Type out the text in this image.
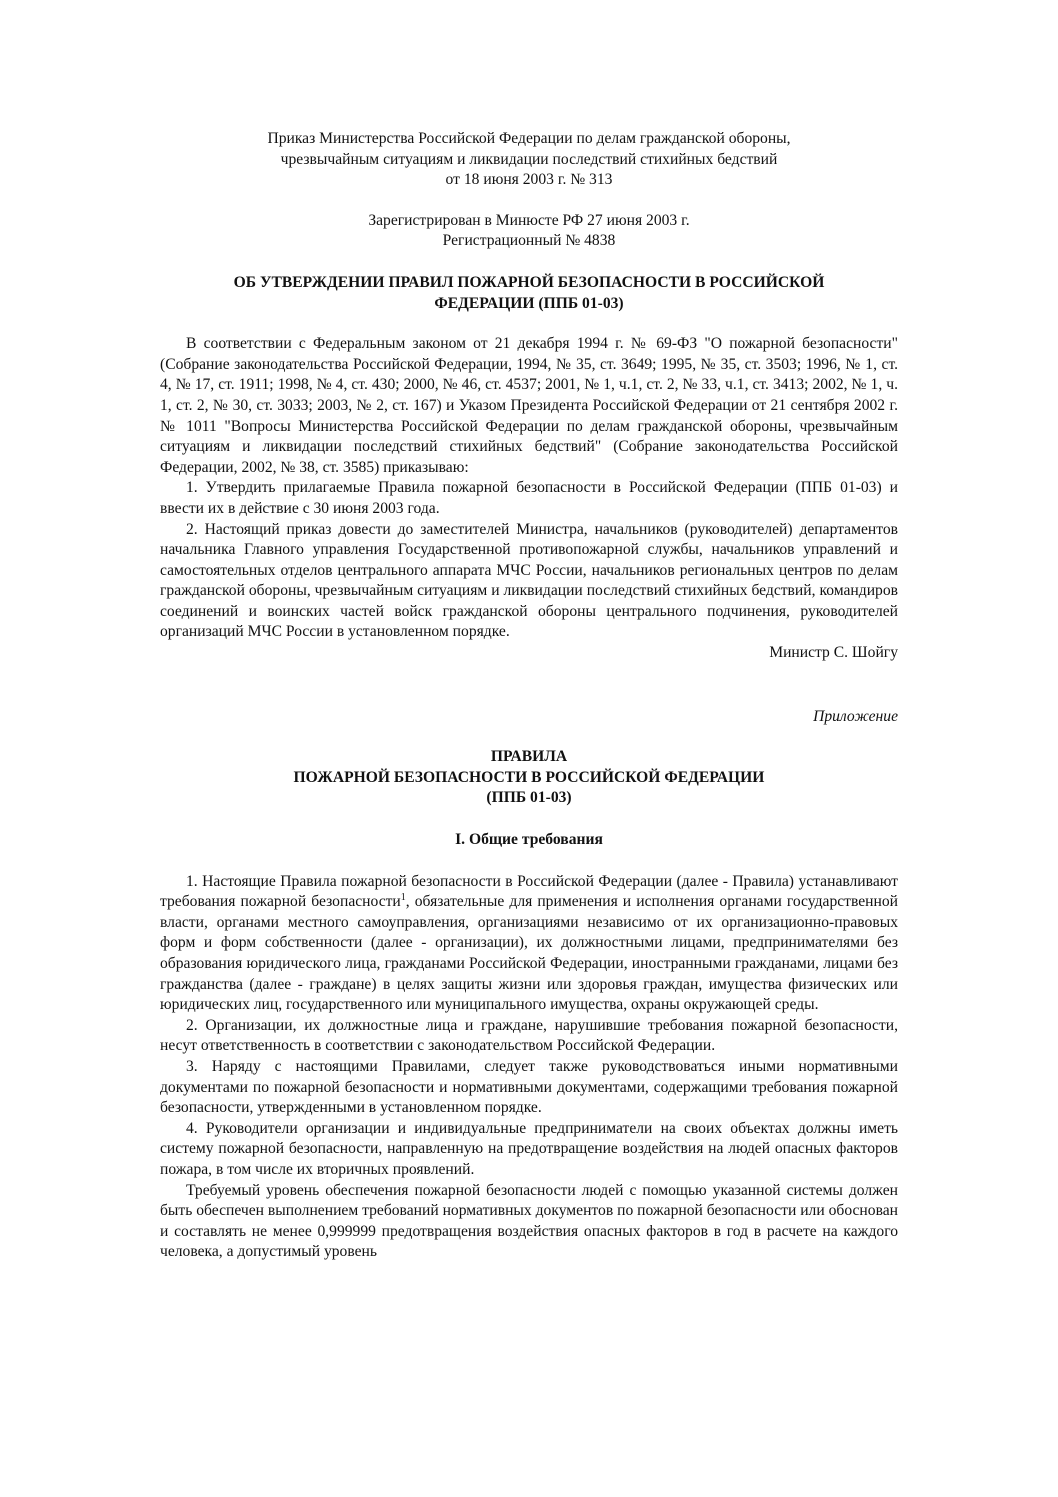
Приказ Министерства Российской Федерации по делам гражданской обороны,

чрезвычайным ситуациям и ликвидации последствий стихийных бедствий

от 18 июня 2003 г. № 313

Зарегистрирован в Минюсте РФ 27 июня 2003 г.

Регистрационный № 4838

ОБ УТВЕРЖДЕНИИ ПРАВИЛ ПОЖАРНОЙ БЕЗОПАСНОСТИ В РОССИЙСКОЙ

ФЕДЕРАЦИИ (ППБ 01-03)

В соответствии с Федеральным законом от 21 декабря 1994 г. № 69-ФЗ "О пожарной безопасности" (Собрание законодательства Российской Федерации, 1994, № 35, ст. 3649; 1995, № 35, ст. 3503; 1996, № 1, ст. 4, № 17, ст. 1911; 1998, № 4, ст. 430; 2000, № 46, ст. 4537; 2001, № 1, ч.1, ст. 2, № 33, ч.1, ст. 3413; 2002, № 1, ч. 1, ст. 2, № 30, ст. 3033; 2003, № 2, ст. 167) и Указом Президента Российской Федерации от 21 сентября 2002 г. № 1011 "Вопросы Министерства Российской Федерации по делам гражданской обороны, чрезвычайным ситуациям и ликвидации последствий стихийных бедствий" (Собрание законодательства Российской Федерации, 2002, № 38, ст. 3585) приказываю:

1. Утвердить прилагаемые Правила пожарной безопасности в Российской Федерации (ППБ 01-03) и ввести их в действие с 30 июня 2003 года.

2. Настоящий приказ довести до заместителей Министра, начальников (руководителей) департаментов начальника Главного управления Государственной противопожарной службы, начальников управлений и самостоятельных отделов центрального аппарата МЧС России, начальников региональных центров по делам гражданской обороны, чрезвычайным ситуациям и ликвидации последствий стихийных бедствий, командиров соединений и воинских частей войск гражданской обороны центрального подчинения, руководителей организаций МЧС России в установленном порядке.

Министр С. Шойгу

Приложение

ПРАВИЛА

ПОЖАРНОЙ БЕЗОПАСНОСТИ В РОССИЙСКОЙ ФЕДЕРАЦИИ

(ППБ 01-03)

I. Общие требования

1. Настоящие Правила пожарной безопасности в Российской Федерации (далее - Правила) устанавливают требования пожарной безопасности$^1$, обязательные для применения и исполнения органами государственной власти, органами местного самоуправления, организациями независимо от их организационно-правовых форм и форм собственности (далее - организации), их должностными лицами, предпринимателями без образования юридического лица, гражданами Российской Федерации, иностранными гражданами, лицами без гражданства (далее - граждане) в целях защиты жизни или здоровья граждан, имущества физических или юридических лиц, государственного или муниципального имущества, охраны окружающей среды.

2. Организации, их должностные лица и граждане, нарушившие требования пожарной безопасности, несут ответственность в соответствии с законодательством Российской Федерации.

3. Наряду с настоящими Правилами, следует также руководствоваться иными нормативными документами по пожарной безопасности и нормативными документами, содержащими требования пожарной безопасности, утвержденными в установленном порядке.

4. Руководители организации и индивидуальные предприниматели на своих объектах должны иметь систему пожарной безопасности, направленную на предотвращение воздействия на людей опасных факторов пожара, в том числе их вторичных проявлений.

Требуемый уровень обеспечения пожарной безопасности людей с помощью указанной системы должен быть обеспечен выполнением требований нормативных документов по пожарной безопасности или обоснован и составлять не менее 0,999999 предотвращения воздействия опасных факторов в год в расчете на каждого человека, а допустимый уровень
